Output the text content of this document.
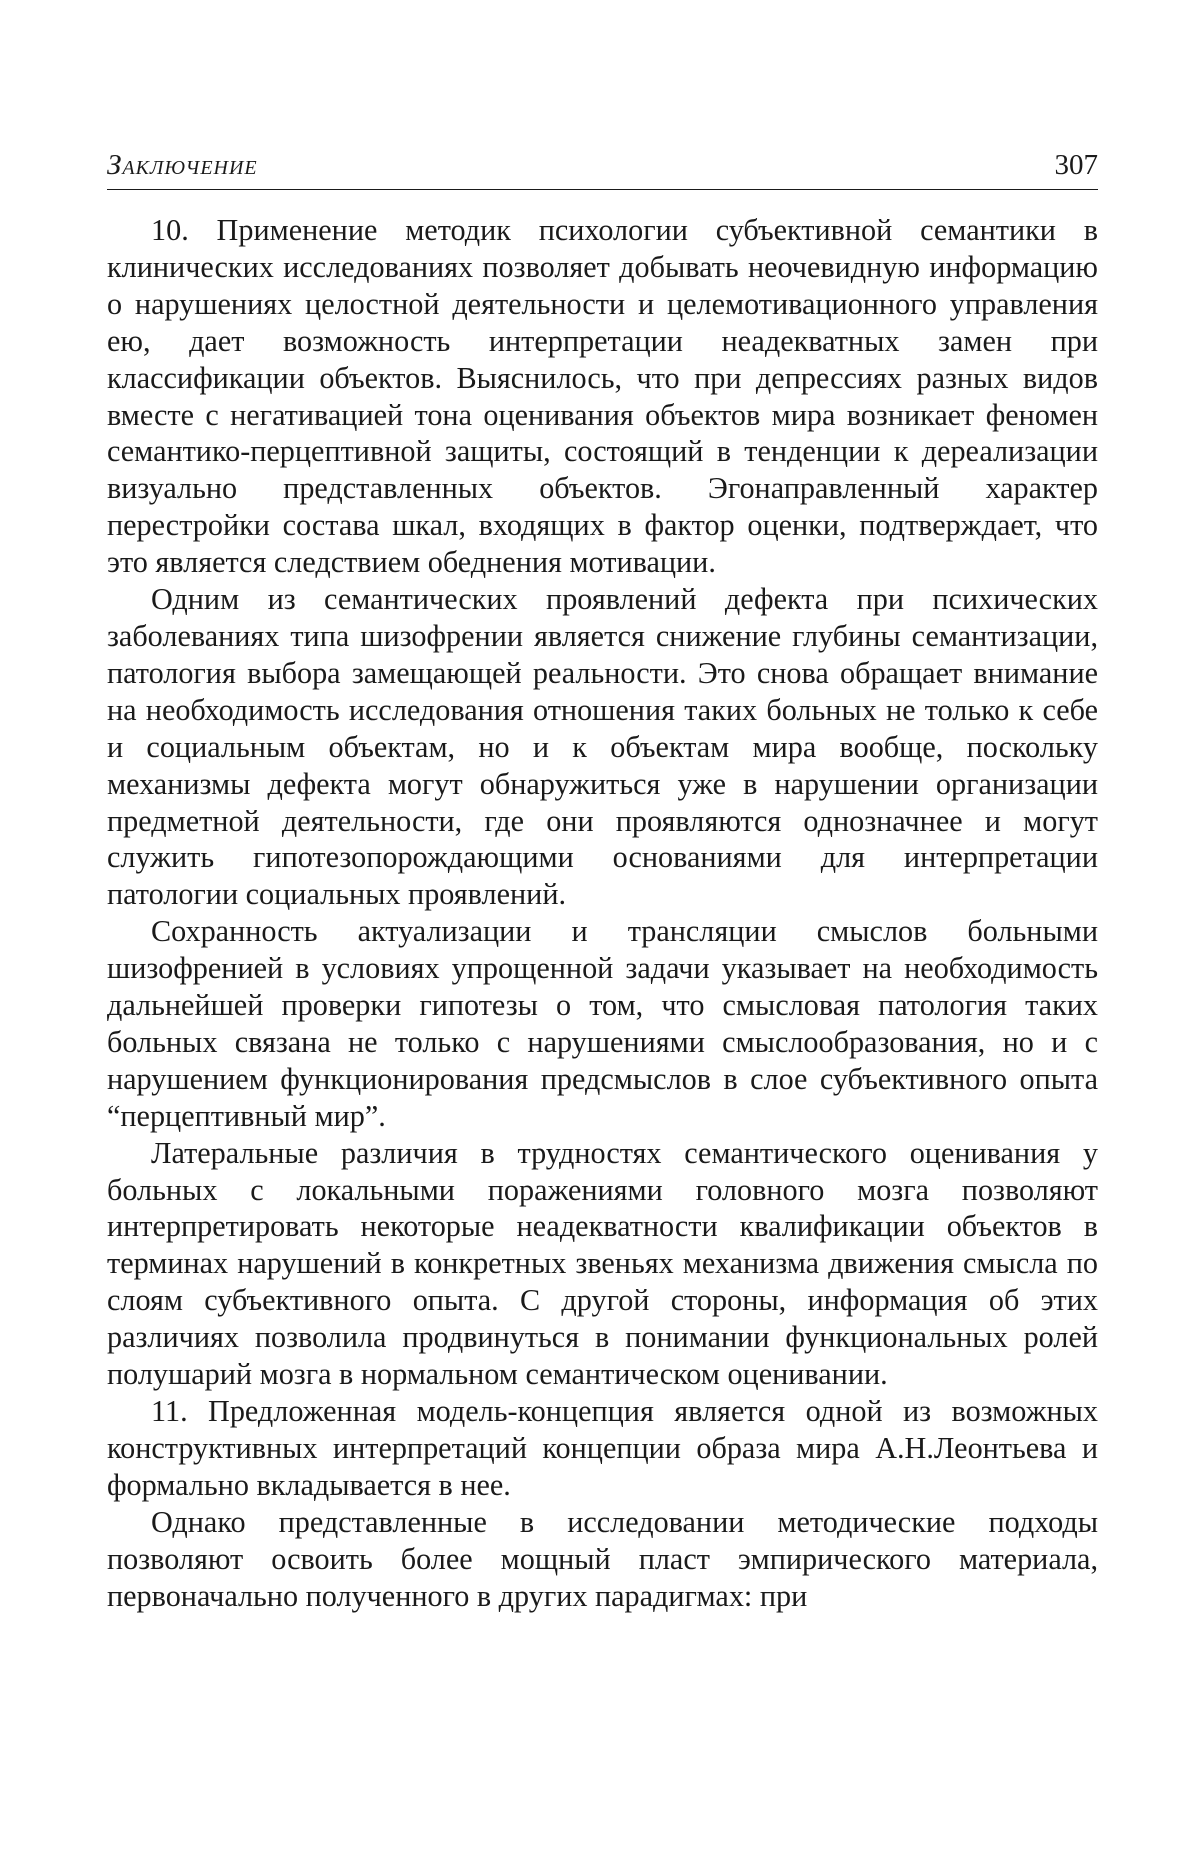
Заключение	307

10. Применение методик психологии субъективной семантики в клинических исследованиях позволяет добывать неочевидную информацию о нарушениях целостной деятельности и целемотивационного управления ею, дает возможность интерпретации неадекватных замен при классификации объектов. Выяснилось, что при депрессиях разных видов вместе с негативацией тона оценивания объектов мира возникает феномен семантико-перцептивной защиты, состоящий в тенденции к дереализации визуально представленных объектов. Эгонаправленный характер перестройки состава шкал, входящих в фактор оценки, подтверждает, что это является следствием обеднения мотивации.

Одним из семантических проявлений дефекта при психических заболеваниях типа шизофрении является снижение глубины семантизации, патология выбора замещающей реальности. Это снова обращает внимание на необходимость исследования отношения таких больных не только к себе и социальным объектам, но и к объектам мира вообще, поскольку механизмы дефекта могут обнаружиться уже в нарушении организации предметной деятельности, где они проявляются однозначнее и могут служить гипотезопорождающими основаниями для интерпретации патологии социальных проявлений.

Сохранность актуализации и трансляции смыслов больными шизофренией в условиях упрощенной задачи указывает на необходимость дальнейшей проверки гипотезы о том, что смысловая патология таких больных связана не только с нарушениями смыслообразования, но и с нарушением функционирования предсмыслов в слое субъективного опыта “перцептивный мир”.

Латеральные различия в трудностях семантического оценивания у больных с локальными поражениями головного мозга позволяют интерпретировать некоторые неадекватности квалификации объектов в терминах нарушений в конкретных звеньях механизма движения смысла по слоям субъективного опыта. С другой стороны, информация об этих различиях позволила продвинуться в понимании функциональных ролей полушарий мозга в нормальном семантическом оценивании.

11. Предложенная модель-концепция является одной из возможных конструктивных интерпретаций концепции образа мира А.Н.Леонтьева и формально вкладывается в нее.

Однако представленные в исследовании методические подходы позволяют освоить более мощный пласт эмпирического материала, первоначально полученного в других парадигмах: при
